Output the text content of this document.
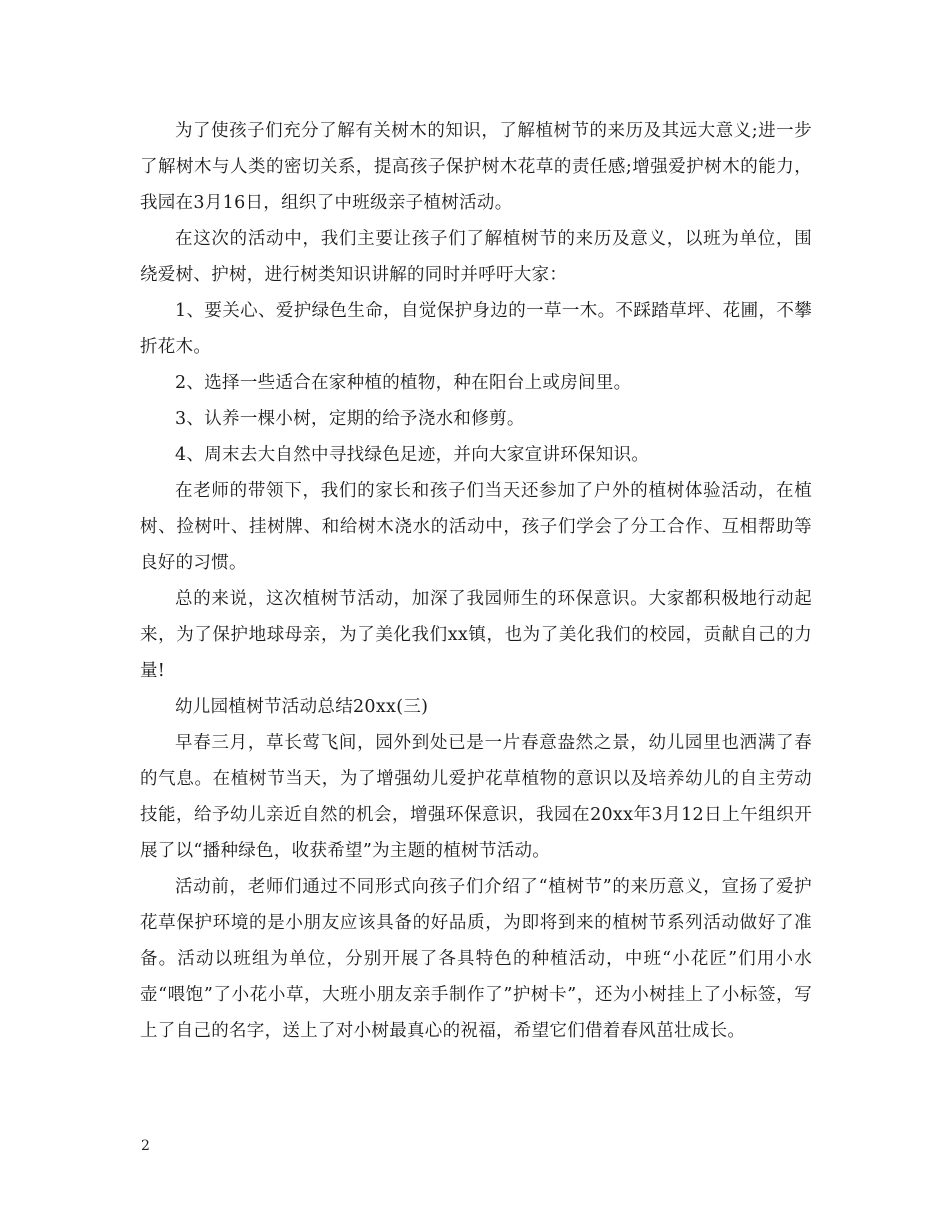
为了使孩子们充分了解有关树木的知识，了解植树节的来历及其远大意义;进一步了解树木与人类的密切关系，提高孩子保护树木花草的责任感;增强爱护树木的能力，我园在3月16日，组织了中班级亲子植树活动。

在这次的活动中，我们主要让孩子们了解植树节的来历及意义，以班为单位，围绕爱树、护树，进行树类知识讲解的同时并呼吁大家：

1、要关心、爱护绿色生命，自觉保护身边的一草一木。不踩踏草坪、花圃，不攀折花木。

2、选择一些适合在家种植的植物，种在阳台上或房间里。

3、认养一棵小树，定期的给予浇水和修剪。

4、周末去大自然中寻找绿色足迹，并向大家宣讲环保知识。

在老师的带领下，我们的家长和孩子们当天还参加了户外的植树体验活动，在植树、捡树叶、挂树牌、和给树木浇水的活动中，孩子们学会了分工合作、互相帮助等良好的习惯。

总的来说，这次植树节活动，加深了我园师生的环保意识。大家都积极地行动起来，为了保护地球母亲，为了美化我们xx镇，也为了美化我们的校园，贡献自己的力量!

幼儿园植树节活动总结20xx(三)

早春三月，草长莺飞间，园外到处已是一片春意盎然之景，幼儿园里也洒满了春的气息。在植树节当天，为了增强幼儿爱护花草植物的意识以及培养幼儿的自主劳动技能，给予幼儿亲近自然的机会，增强环保意识，我园在20xx年3月12日上午组织开展了以“播种绿色，收获希望”为主题的植树节活动。

活动前，老师们通过不同形式向孩子们介绍了“植树节”的来历意义，宣扬了爱护花草保护环境的是小朋友应该具备的好品质，为即将到来的植树节系列活动做好了准备。活动以班组为单位，分别开展了各具特色的种植活动，中班“小花匠”们用小水壶“喂饱”了小花小草，大班小朋友亲手制作了”护树卡”，还为小树挂上了小标签，写上了自己的名字，送上了对小树最真心的祝福，希望它们借着春风茁壮成长。

2
